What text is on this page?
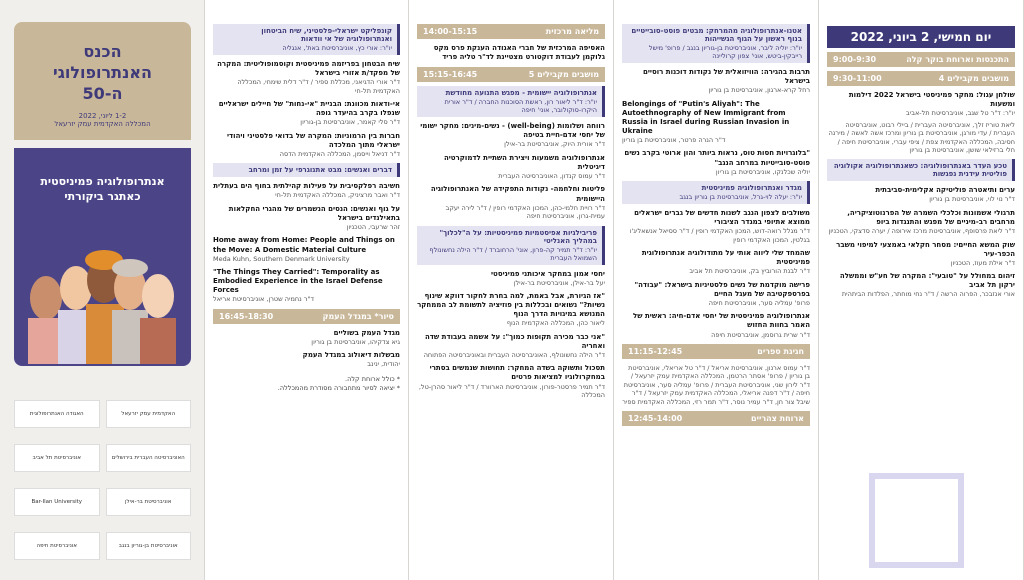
הכנס
האנתרופולוגי
ה-50
1-2 ליוני, 2022
המכללה האקדמית עמק יזרעאל
אנתרופולוגיה פמיניסטית
כאתגר ביקורתי
האקדמית עמק יזרעאל
האגודה האנתרופולוגית
האוניברסיטה העברית בירושלים
אוניברסיטת תל אביב
אוניברסיטת בר-אילן
Bar-Ilan University
אוניברסיטת בן-גוריון בנגב
אוניברסיטת חיפה
קונפליקט ישראלי-פלסטיני, שיח הביטחון ואנתרופולוגיה של אי וודאות
יו"ר: אורי כץ, אוניברסיטת באת', אנגליה
שיח הבטחון בפריזמה פמיניסטית וקוסמופוליטית: המקרה של מפקד/ת אזורי בישראל
ד"ר אורי הדגיאני, מכללת ספיר / ד"ר דלית שימחי, המכללה האקדמית תל-חי
אי-ודאות מכוונת: הבניית "אי-נחות" של חיילים ישראליים שנפלו בקרב בהיעדר גופה
ד"ר סלי קאמר, אוניברסיטת בן-גוריון
חברות בין הרמוניות: המקרה של בדואי פלסטיני ויהודי ישראלי מתוך המלכדה
ד"ר דניאל וייסמן, המכללה האקדמית הדסה
דברים ואנשים: מבט אתנוגרפי על זמן ומרחב
חשיבה רפלקסיבית על פעילות קהילתית בחוף הים בעתלית
ד"ר ואבר מרציניק, המכללה האקדמית תל-חי
על גוף ואנשים: הנסים הנשמרים של מהגרי החקלאות בתאילנדים בישראל
זהר שרעבי, הטכניון
Home away from Home: People and Things on the Move: A Domestic Material Culture
Meda Kuhn, Southern Denmark University
"The Things They Carried": Temporality as Embodied Experience in the Israel Defense Forces
ד"ר נחמיה שטרן, אוניברסיטת אריאל
סיור* במגדל העמק
16:45-18:30
מגדל העמק בשוליים
גיא צדקיהו, אוניברסיטת בן גוריון
מבשלות דיאולוג במגדל העמק
יהודית, ינינב
* כולל ארוחת קלה.
* יציאה לסיור מתחבורה מסודרת מהמכללה.
מליאה מרכזית
14:00-15:15
האסיפה המרכזית של חברי האגודה הענקת פרס מקס גלוקמן לעבודת דוקטורט מצטיינת לד"ר טליה פריד
מושבים מקבילים 5
15:15-16:45
אנתרופולוגיה יישומית - מפגש התנועה מחודשת
יו"ר: ד"ר ליאור רון, ראשת הסוכנות החברה / ד"ר אורית היקרו-סוקולובר, אוני' חיפה
רווחה ושלומות (well-being) - נשים-מינים: מחקר ישומי של יחסי אדם-חיית בטיפה
ד"ר אורית היוק, אוניברסיטת בר-אילן
אנתרופולוגיה משמעות ויצירת השתיית לדמוקרטיה דיגיטלית
ד"ר עמוס קנדון, האוניברסיטה העברית
פליטות וחלחמה- נקודות התפקידה של האנתרופולוגיה היישומית
ד"ר רויית חלמי-כהן, המכון האקדמי רופין / ד"ר לירה יעקב עמית-גרון, אוניברסיטת חיפה
פריבילגיות אפיסטמיות פמיניסטיות: על ה"לכלוך" במהליך האנליטי
יו"ר: ד"ר תמיר קה-פרון, אוני' הרחוברד / ד"ר הילה נחשונולף השמואל העברית
יחסי אמון במחקר איכותני פמיניסטי
יעל בר-אילן, אוניברסיטת בר-אילן
"אז הגיורת, אבל באמת, למה בחרת לחקור דווקא שינוף נשיות?" נשואים ובכללות בין פוזיציה לתשומת לב הממחקר המנושא במיגויות הדרך הנוף
ליאור כהן, המכללה האקדמית הנוף
"אני כבר מכירה תקופות כמוך": על אשמה בעבודת שדה ואחריה
ד"ר הילה נחשונולף, האוניברסיטה העברית ובאוניברסיטה הפתוחה
תסכול ותשוקה בשדה המחקר: תחושות שנמשים בסתרי במחקרולוגיו למציאות פרטים
ד"ר תמיר פרסטר-פורון, אוניברסיטת הארוורד / ד"ר ליאור סהרן-טל, המכללה
אטנו-אנתרופולוגיה מהמרחק: מבטים פוסט-סובייטיים בנוף ראשון על הגוף הגשייהות
יו"ר: יוליה ליבר, אוניברסיטת בן-גוריון בנגב / פרופ' מישל רייבקין-ביטש, אוני' צפון קרוליינה
תרבות בהגירה: הוויזואלית של נקודות דוכנות רוסיים בישראל
רחל קרא-ארגון, אוניברסיטת בן גוריון
Belongings of "Putin's Aliyah": The Autoethnography of New Immigrant from Russia in Israel during Russian Invasion in Ukraine
ד"ר הנרה פרטר, אוניברסיטת בן גוריון
"בלוגרויות חסות טוס, נראות ביותר והון ארוטי בקרב נשים פוסט-סובייטיות במרחב הנגב"
יוליה שכלנקו, אוניברסיטת בן גוריון
מגדר ואנתרופולוגיה פמיניסטית
יו"ר: יעלה לוי-גרל, אוניברסיטת בן גוריון בנגב
משולבים לצפון הנגב לשנות חדשים של גברים ישראלים ממוצא אתיופי במגדר הציבורי
ד"ר מגלל רואה-דוש, המכון האקדמי רופין / ד"ר ססיאל אנשאליג'ו בגלטין, המכון האקדמי רופין
שהמחד שלי ליווה אותי על מתודולוגיה אנתרופולוגית פמיניסטית
ד"ר לבנת הורוביץ בק, אוניברסיטת תל אביב
פרישה מוקדמת של נשים פלסטיניות בישראל: "עבודה" בפרספקטיבה של מעגל החיים
פרופ' עמליה סער, אוניברסיטת חיפה
אנתרופולוגיה פמיניסטית של יחסי אדם-חיה: ראשית של האמר בחוות החזוש
ד"ר שרית גרוסמן, אוניברסיטת חיפה
חגיגת ספרים
11:15-12:45
ד"ר עמוס ארנון, אוניברסיטת אריאל / ד"ר טל אריאלי, אוניברסיטת בן גוריון / פרופ' אסתר הרטמן, המכללה האקדמית עמק יזרעאל / ד"ר לירון שני, אוניברסיטת העברית / פרופ' עמליה סער, אוניברסיטת חיפה / ד"ר דפנה אריאלי, המכללה האקדמית עמק יזרעאל / ד"ר שיבל צור חן, ד"ר עמיר נוסר, ד"ר תמר רזי, המכללה האקדמית ספיר
ארוחת צהריים
12:45-14:00
יום חמישי, 2 ביוני, 2022
התכנסות וארוחת בוקר קלה
9:00-9:30
מושבים מקבילים 4
9:30-11:00
שולחן עגול: מחקר פמיניסטי בישראל 2022 דילמות ומשעות
יו"ר: ד"ר טל שגב, אוניברסיטת תל-אביב
ליאת טוריז זלך, אוניברסיטה העברית / ביילי רבוט, אוניברסיטה העברית / עדי מורגן, אוניברסיטת בן גוריון ומרכז אשה לאשה / מירנה חסיבה, המכללה האקדמית צפת / ציפי עברי, אוניברסיטת חיפה / חלי ברזילאי שושן, אוניברסיטת בן גוריון
טכע העדר באנתרופולוגיה: כשאנתרופולוגיה אקולוגיה פוליטית עידנית נפגשות
ערים ותיאטרה פוליטיקה אקלימית-סביבתית
ד"ר נוי לוי, אוניברסיטת בן גוריון
תרגולי אשמונות וכלכלי השמרה של הפרנוטוציקריה, מרחבים רב-מיניים של מפגש והתנגדות ביופ
ד"ר ליאת פרסופף, אוניברסיטת מרכז אירופה / יערה סדצקי, הטכניון
שוק המשא החייםי: מסחר חקלאי באמצעי למיפוי משבר הכפר-עיר
ד"ר אילת מעוז, הטכניון
זיהום במחולל על "טובעי": המקרה של חע"ש וממשלה ירקון תל אביב
אורי אנזבכר, הפרוה הרשה / ד"ר נחי מוחתר, הפלדות הביתהית
